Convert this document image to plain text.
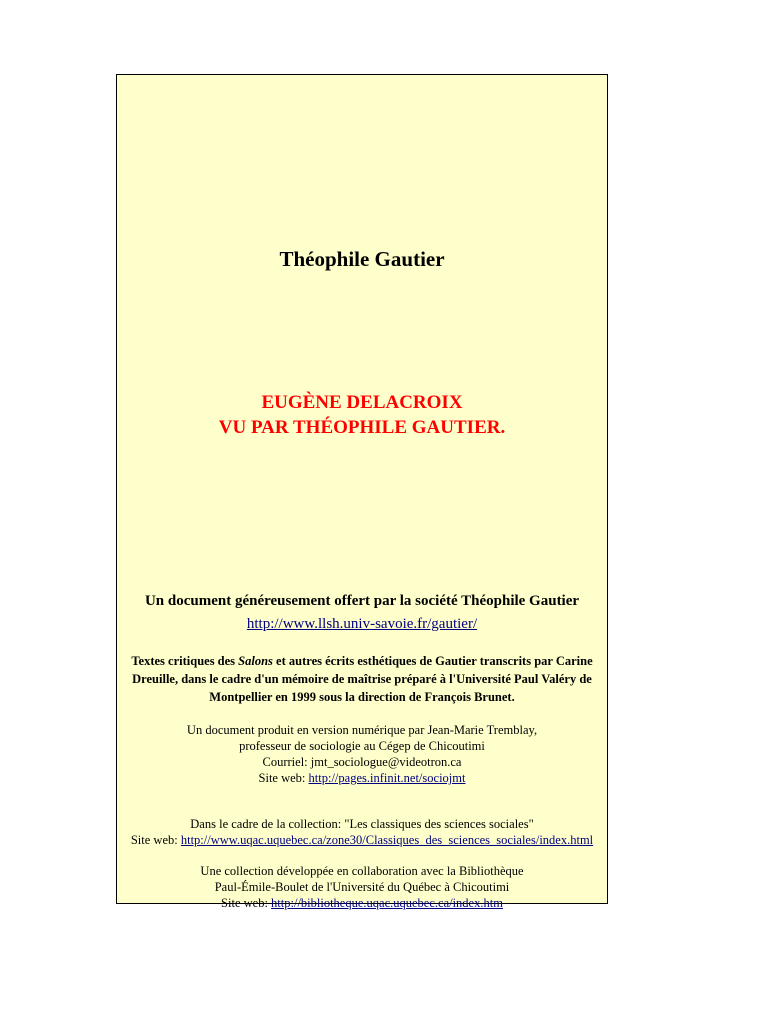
Théophile Gautier
EUGÈNE DELACROIX
VU PAR THÉOPHILE GAUTIER.
Un document généreusement offert par la société Théophile Gautier
http://www.llsh.univ-savoie.fr/gautier/
Textes critiques des Salons et autres écrits esthétiques de Gautier transcrits par Carine
Dreuille, dans le cadre d'un mémoire de maîtrise préparé à l'Université Paul Valéry de
Montpellier en 1999 sous la direction de François Brunet.
Un document produit en version numérique par Jean-Marie Tremblay,
professeur de sociologie au Cégep de Chicoutimi
Courriel: jmt_sociologue@videotron.ca
Site web: http://pages.infinit.net/sociojmt
Dans le cadre de la collection: "Les classiques des sciences sociales"
Site web: http://www.uqac.uquebec.ca/zone30/Classiques_des_sciences_sociales/index.html
Une collection développée en collaboration avec la Bibliothèque
Paul-Émile-Boulet de l'Université du Québec à Chicoutimi
Site web: http://bibliotheque.uqac.uquebec.ca/index.htm
